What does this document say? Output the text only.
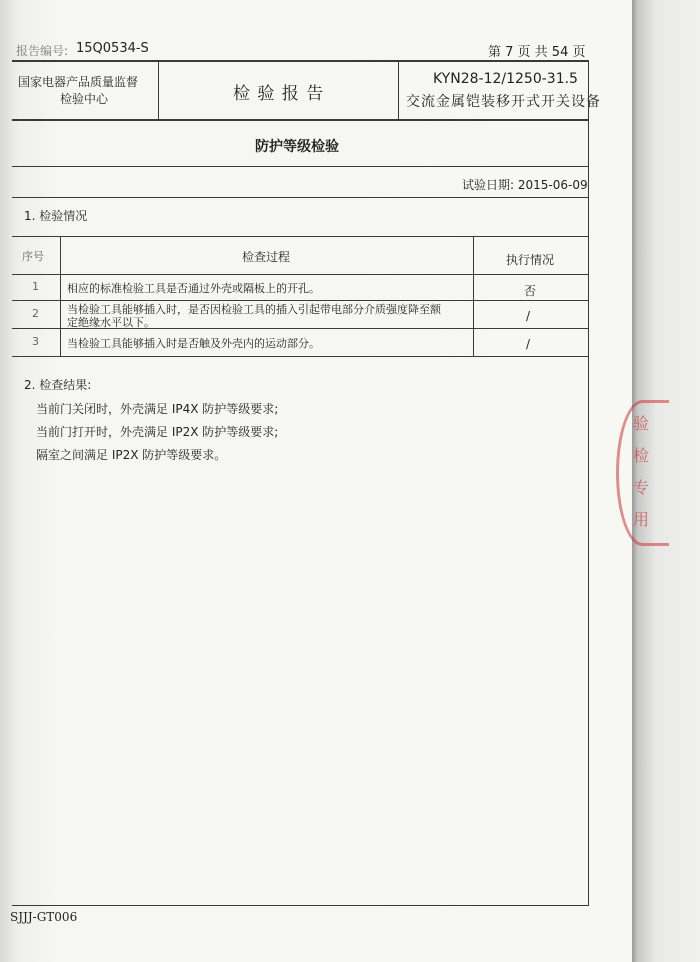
报告编号: 15Q0534-S	第 7 页 共 54 页
国家电器产品质量监督
检验中心	检 验 报 告
KYN28-12/1250-31.5
交流金属铠装移开式开关设备
防护等级检验
试验日期: 2015-06-09
1. 检验情况
序号	检查过程	执行情况
1	相应的标准检验工具是否通过外壳或隔板上的开孔。	否
2	当检验工具能够插入时，是否因检验工具的插入引起带电部分介质强度降至额
定绝缘水平以下。	/
3	当检验工具能够插入时是否触及外壳内的运动部分。	/
2. 检查结果:
当前门关闭时，外壳满足 IP4X 防护等级要求;
当前门打开时，外壳满足 IP2X 防护等级要求;
隔室之间满足 IP2X 防护等级要求。
SJJJ-GT006
验
检
专
用
